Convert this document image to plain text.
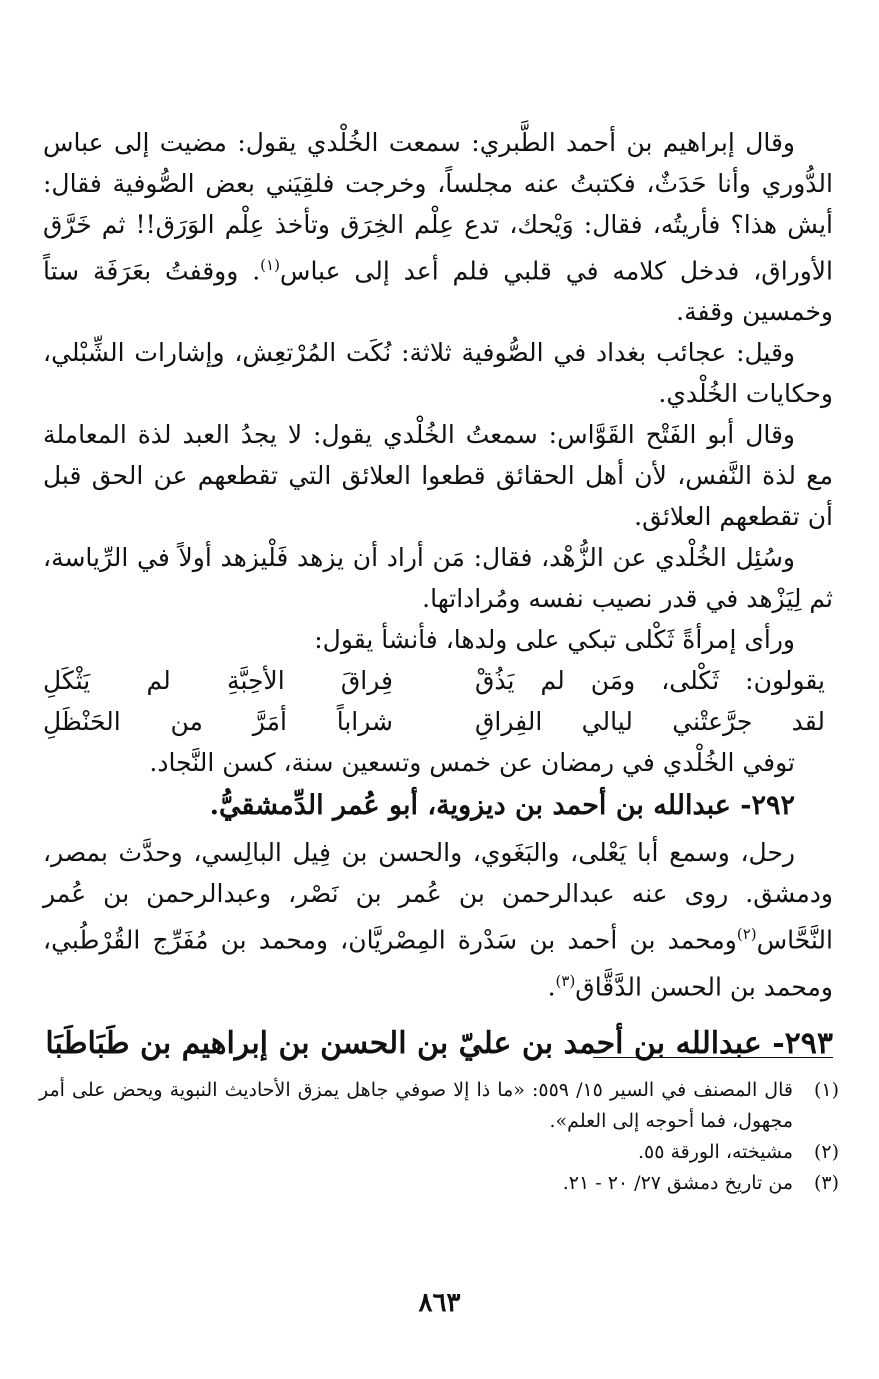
وقال إبراهيم بن أحمد الطَّبري: سمعت الخُلْدي يقول: مضيت إلى عباس الدُّوري وأنا حَدَثٌ، فكتبتُ عنه مجلساً، وخرجت فلقِيَني بعض الصُّوفية فقال: أيش هذا؟ فأريتُه، فقال: وَيْحك، تدع عِلْم الخِرَق وتأخذ عِلْم الوَرَق!! ثم خَرَّق الأوراق، فدخل كلامه في قلبي فلم أعد إلى عباس$^{(١)}$. ووقفتُ بعَرَفَة ستاً وخمسين وقفة.

وقيل: عجائب بغداد في الصُّوفية ثلاثة: نُكَت المُرْتعِش، وإشارات الشِّبْلي، وحكايات الخُلْدي.

وقال أبو الفَتْح القَوَّاس: سمعتُ الخُلْدي يقول: لا يجدُ العبد لذة المعاملة مع لذة النَّفس، لأن أهل الحقائق قطعوا العلائق التي تقطعهم عن الحق قبل أن تقطعهم العلائق.

وسُئِل الخُلْدي عن الزُّهْد، فقال: مَن أراد أن يزهد فَلْيزهد أولاً في الرِّياسة، ثم لِيَزْهد في قدر نصيب نفسه ومُراداتها.

ورأى إمرأةً ثَكْلى تبكي على ولدها، فأنشأ يقول:

يقولون: ثَكْلى، ومَن لم يَذُقْ
فِراقَ الأحِبَّةِ لم يَثْكَلِ
لقد جرَّعتْني ليالي الفِراقِ
شراباً أمَرَّ من الحَنْظَلِ

توفي الخُلْدي في رمضان عن خمس وتسعين سنة، كسن النَّجاد.

٢٩٢- عبدالله بن أحمد بن ديزوية، أبو عُمر الدِّمشقيُّ.

رحل، وسمع أبا يَعْلى، والبَغَوي، والحسن بن فِيل البالِسي، وحدَّث بمصر، ودمشق. روى عنه عبدالرحمن بن عُمر بن نَصْر، وعبدالرحمن بن عُمر النَّحَّاس$^{(٢)}$ومحمد بن أحمد بن سَدْرة المِصْريَّان، ومحمد بن مُفَرِّج القُرْطُبي، ومحمد بن الحسن الدَّقَّاق$^{(٣)}$.

٢٩٣- عبدالله بن أحمد بن عليّ بن الحسن بن إبراهيم بن طَبَاطَبَا

(١)
قال المصنف في السير ١٥/ ٥٥٩: «ما ذا إلا صوفي جاهل يمزق الأحاديث النبوية ويحض على أمر مجهول، فما أحوجه إلى العلم».
(٢)
مشيخته، الورقة ٥٥.
(٣)
من تاريخ دمشق ٢٧/ ٢٠ - ٢١.
٨٦٣
